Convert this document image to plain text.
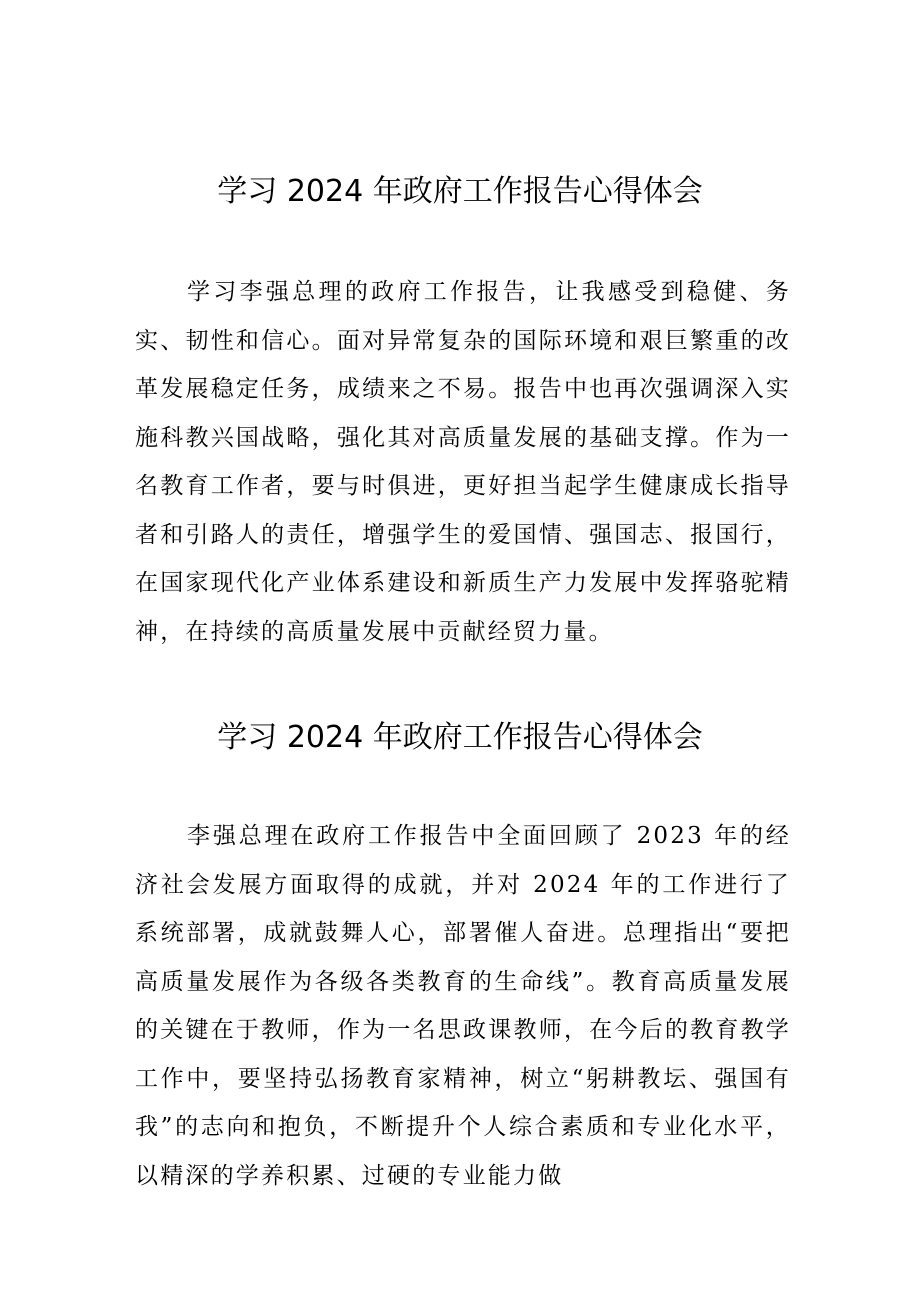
学习 2024 年政府工作报告心得体会

学习李强总理的政府工作报告，让我感受到稳健、务实、韧性和信心。面对异常复杂的国际环境和艰巨繁重的改革发展稳定任务，成绩来之不易。报告中也再次强调深入实施科教兴国战略，强化其对高质量发展的基础支撑。作为一名教育工作者，要与时俱进，更好担当起学生健康成长指导者和引路人的责任，增强学生的爱国情、强国志、报国行，在国家现代化产业体系建设和新质生产力发展中发挥骆驼精神，在持续的高质量发展中贡献经贸力量。

学习 2024 年政府工作报告心得体会

李强总理在政府工作报告中全面回顾了 2023 年的经济社会发展方面取得的成就，并对 2024 年的工作进行了系统部署，成就鼓舞人心，部署催人奋进。总理指出“要把高质量发展作为各级各类教育的生命线”。教育高质量发展的关键在于教师，作为一名思政课教师，在今后的教育教学工作中，要坚持弘扬教育家精神，树立“躬耕教坛、强国有我”的志向和抱负，不断提升个人综合素质和专业化水平，以精深的学养积累、过硬的专业能力做
